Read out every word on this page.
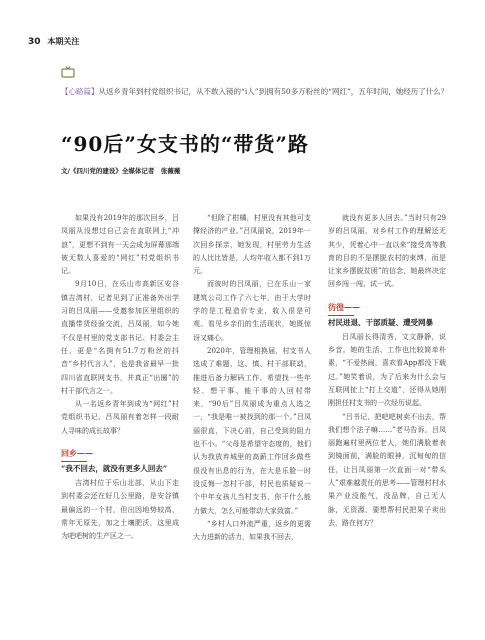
30 本期关注
【心路篇】从返乡青年到村党组织书记，从不敢入镜的“i人”到拥有50多万粉丝的“网红”，五年时间，她经历了什么？
“90后”女支书的“带货”路
文/《四川党的建设》全媒体记者　张薇薇

如果没有2019年的那次回乡，吕凤丽从没想过自己会在直联网上“冲浪”，更想不到有一天会成为屏幕那端被无数人喜爱的“网红”村党组织书记。

9月10日，在乐山市高新区安谷镇吉湾村，记者见到了正准备外出学习的吕凤丽——受邀参加区里组织的直播带货经验交流，吕凤丽，如今她不仅是村里的党支部书记、村委会主任，更是“名拥有51.7万粉丝的抖音“乡村代言人”，也是我省最早一批四川省直联网支书，并真正“出圈”的村干部代言之一。

从一名返乡青年到成为“网红”村党组织书记，吕凤丽有着怎样一段耐人寻味的成长故事？

回乡——
“我不回去，就没有更多人回去”

吉湾村位于乐山北部，从山下走到村委会还在好几公里路，是安谷镇最偏远的一个村，但出因地势较高，常年无原先，加之土壤肥沃，这里成为吧吧树的生产区之一。

“但除了柑橘，村里没有其他可支撑经济的产业。”吕凤丽说，2019年一次回乡探亲，她发现，村里劳力生活的人比比皆是，人均年收入都不到1万元。

而彼时的吕凤丽，已在乐山一家建筑公司工作了六七年，由于大学时学的是工程造价专业，收入很是可观。看见乡亲们的生活现状，她既惊讶又痛心。

2020年，管理相换届，村支书人选成了难题，这、慎、村干部联动，推进后备力解码工作。希望找一些年轻、想干事、能干事的人回村带来，“90后”吕凤丽成为重点人选之一，“我是唯一被找到的那一个。”吕凤丽很直，下决心前，自己受到的阻力也不小。“父母是希望守态度的，他们认为我放弃城里的高薪工作回乡做些很没有出息的行为，在大是乐脸一时没反悔一忽村干部，村民也质疑说一个中年女孩儿当村支书，你干什么能力做大，怎么可能带动大家致富。”

“乡村人口外流严重，返乡的更需大力进新的活力，如果我不回去，

就没有更多人回去。”当时只有29岁的吕凤丽，对乡村工作的理解还无其少，凭着心中一直以来“接受高等教育的目的不是摆脱农村的束缚，而是让家乡摆脱贫困”的信念，她最终决定回乡闯一闯、试一试。

彷徨——
村民进退、干部质疑、遭受网暴

吕凤丽长得清秀，文文静静，说乡音。她的生活、工作也比较简单朴素，“不爱热闹，喜欢看App都没下载过。”她笑着说，为了后来为什么会与互联网扯上“打上交道”，还得从她刚刚担任村支书的一次经历说起。

“吕书记，把吧吧树卖不出去，帮我们想个法子嘛……”老马告诉，吕凤丽跑遍村里两位老人，她们满脸着表到镜面前，满脸的眼神，沉甸甸的信任，让吕凤丽第一次直面一对“带头人”艰难越责任的思考——管理村村水果产业没能气，没品牌，自己无人脉，无资源，要想帮村民把果子卖出去，路在何方？
